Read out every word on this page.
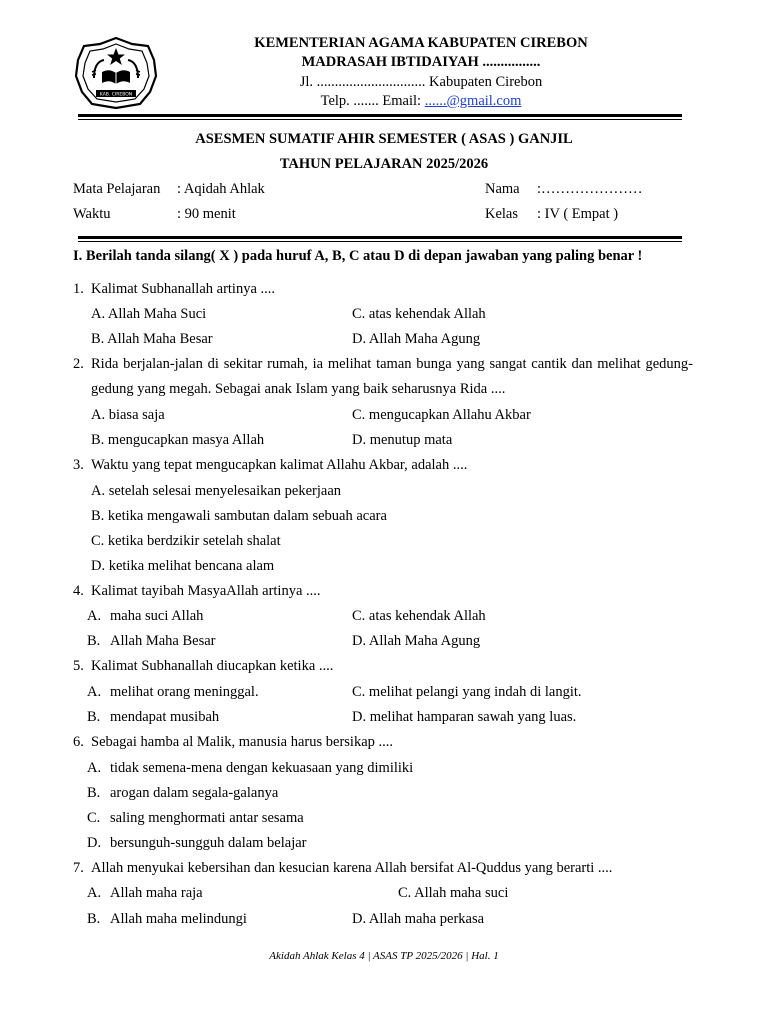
KAB. CIREBON
KEMENTERIAN AGAMA KABUPATEN CIREBON
MADRASAH IBTIDAIYAH ................
Jl. .............................. Kabupaten Cirebon
Telp. ....... Email: ......@gmail.com
ASESMEN SUMATIF AHIR SEMESTER ( ASAS ) GANJIL
TAHUN PELAJARAN 2025/2026
Mata Pelajaran : Aqidah Ahlak	Nama :…………………
Waktu	: 90 menit	Kelas : IV ( Empat )
I. Berilah tanda silang( X ) pada huruf A, B, C atau D di depan jawaban yang paling benar !
1. Kalimat Subhanallah artinya ....
A. Allah Maha Suci	C. atas kehendak Allah
B. Allah Maha Besar	D. Allah Maha Agung
2. Rida berjalan-jalan di sekitar rumah, ia melihat taman bunga yang sangat cantik dan melihat gedung-gedung yang megah. Sebagai anak Islam yang baik seharusnya Rida ....
A. biasa saja	C. mengucapkan Allahu Akbar
B. mengucapkan masya Allah	D. menutup mata
3. Waktu yang tepat mengucapkan kalimat Allahu Akbar, adalah ....
A. setelah selesai menyelesaikan pekerjaan
B. ketika mengawali sambutan dalam sebuah acara
C. ketika berdzikir setelah shalat
D. ketika melihat bencana alam
4. Kalimat tayibah MasyaAllah artinya ....
A. maha suci Allah	C. atas kehendak Allah
B. Allah Maha Besar	D. Allah Maha Agung
5. Kalimat Subhanallah diucapkan ketika ....
A. melihat orang meninggal.	C. melihat pelangi yang indah di langit.
B. mendapat musibah	D. melihat hamparan sawah yang luas.
6. Sebagai hamba al Malik, manusia harus bersikap ....
A. tidak semena-mena dengan kekuasaan yang dimiliki
B. arogan dalam segala-galanya
C. saling menghormati antar sesama
D. bersunguh-sungguh dalam belajar
7. Allah menyukai kebersihan dan kesucian karena Allah bersifat Al-Quddus yang berarti ....
A. Allah maha raja	C. Allah maha suci
B. Allah maha melindungi	D. Allah maha perkasa
Akidah Ahlak Kelas 4 | ASAS TP 2025/2026 | Hal. 1
